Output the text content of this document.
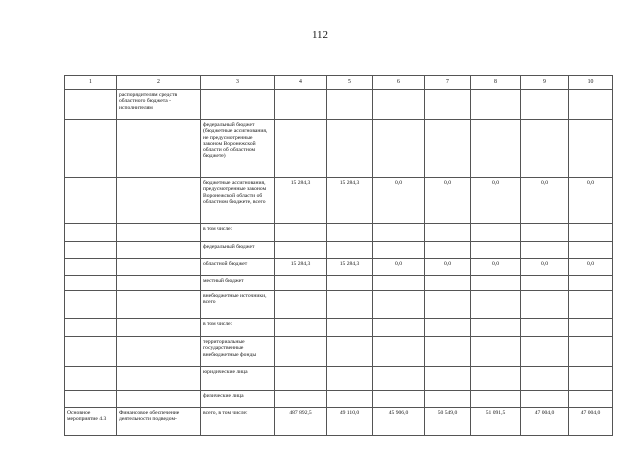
112
1	2	3	4	5	6	7	8	9	10
	распорядителям средств областного бюджета - исполнителям								
		федеральный бюджет (бюджетные ассигнования, не предусмотренные законом Воронежской области об областном бюджете)							
		бюджетные ассигнования, предусмотренные законом Воронежской области об областном бюджете, всего	15 284,3	15 284,3	0,0	0,0	0,0	0,0	0,0
		в том числе:							
		федеральный бюджет							
		областной бюджет	15 284,3	15 284,3	0,0	0,0	0,0	0,0	0,0
		местный бюджет							
		внебюджетные источники, всего							
		в том числе:							
		территориальные государственные внебюджетные фонды							
		юридические лица							
		физические лица							
Основное мероприятие 4.3	Финансовое обеспечение деятельности подведом-	всего, в том числе:	487 892,5	49 110,0	45 906,0	50 549,0	51 091,5	47 004,0	47 004,0
